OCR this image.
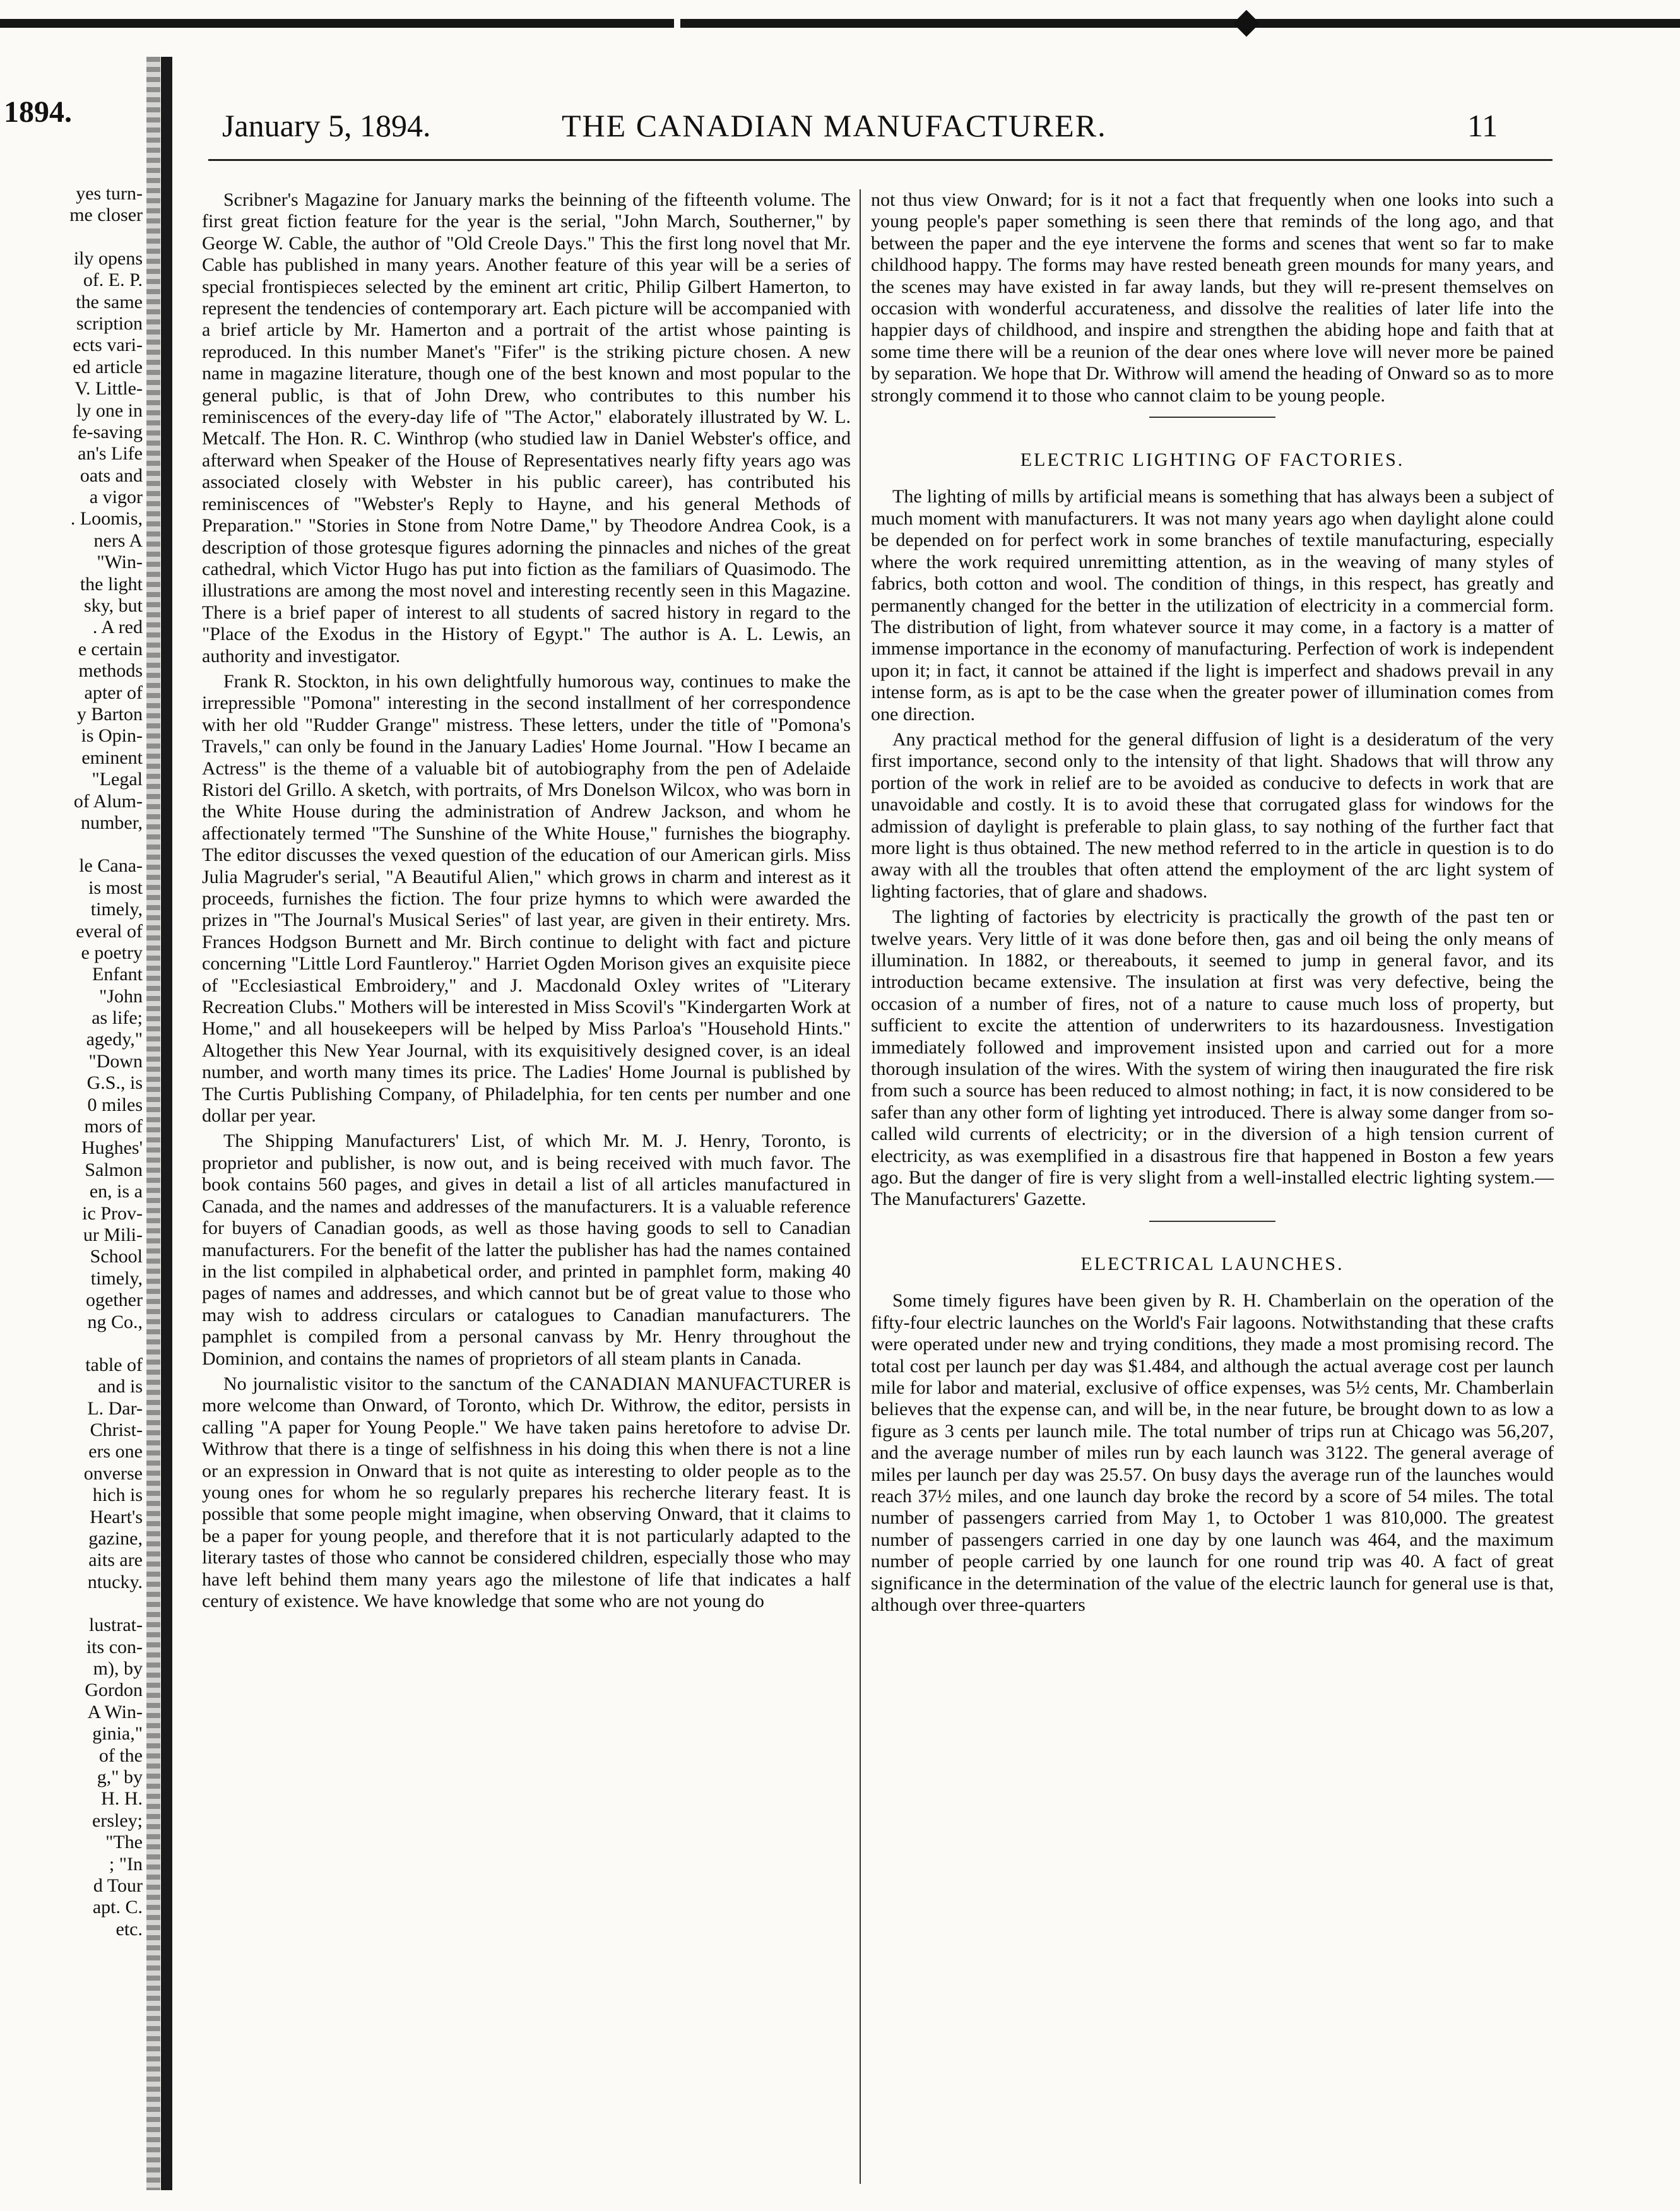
1894.
yes turn-
me closer
ily opens
of. E. P.
the same
scription
ects vari-
ed article
V. Little-
ly one in
fe-saving
an's Life
oats and
a vigor
. Loomis,
ners A
"Win-
the light
sky, but
. A red
e certain
methods
apter of
y Barton
is Opin-
eminent
"Legal
of Alum-
number,
le Cana-
is most
timely,
everal of
e poetry
Enfant
"John
as life;
agedy,"
"Down
G.S., is
0 miles
mors of
Hughes'
Salmon
en, is a
ic Prov-
ur Mili-
School
timely,
ogether
ng Co.,
table of
and is
L. Dar-
Christ-
ers one
onverse
hich is
Heart's
gazine,
aits are
ntucky.
lustrat-
its con-
m), by
Gordon
A Win-
ginia,"
of the
g," by
H. H.
ersley;
"The
; "In
d Tour
apt. C.
etc.
January 5, 1894.	THE CANADIAN MANUFACTURER.	11

Scribner's Magazine for January marks the beinning of the fifteenth volume. The first great fiction feature for the year is the serial, "John March, Southerner," by George W. Cable, the author of "Old Creole Days." This the first long novel that Mr. Cable has published in many years. Another feature of this year will be a series of special frontispieces selected by the eminent art critic, Philip Gilbert Hamerton, to represent the tendencies of contemporary art. Each picture will be accompanied with a brief article by Mr. Hamerton and a portrait of the artist whose painting is reproduced. In this number Manet's "Fifer" is the striking picture chosen. A new name in magazine literature, though one of the best known and most popular to the general public, is that of John Drew, who contributes to this number his reminiscences of the every-day life of "The Actor," elaborately illustrated by W. L. Metcalf. The Hon. R. C. Winthrop (who studied law in Daniel Webster's office, and afterward when Speaker of the House of Representatives nearly fifty years ago was associated closely with Webster in his public career), has contributed his reminiscences of "Webster's Reply to Hayne, and his general Methods of Preparation." "Stories in Stone from Notre Dame," by Theodore Andrea Cook, is a description of those grotesque figures adorning the pinnacles and niches of the great cathedral, which Victor Hugo has put into fiction as the familiars of Quasimodo. The illustrations are among the most novel and interesting recently seen in this Magazine. There is a brief paper of interest to all students of sacred history in regard to the "Place of the Exodus in the History of Egypt." The author is A. L. Lewis, an authority and investigator.

Frank R. Stockton, in his own delightfully humorous way, continues to make the irrepressible "Pomona" interesting in the second installment of her correspondence with her old "Rudder Grange" mistress. These letters, under the title of "Pomona's Travels," can only be found in the January Ladies' Home Journal. "How I became an Actress" is the theme of a valuable bit of autobiography from the pen of Adelaide Ristori del Grillo. A sketch, with portraits, of Mrs Donelson Wilcox, who was born in the White House during the administration of Andrew Jackson, and whom he affectionately termed "The Sunshine of the White House," furnishes the biography. The editor discusses the vexed question of the education of our American girls. Miss Julia Magruder's serial, "A Beautiful Alien," which grows in charm and interest as it proceeds, furnishes the fiction. The four prize hymns to which were awarded the prizes in "The Journal's Musical Series" of last year, are given in their entirety. Mrs. Frances Hodgson Burnett and Mr. Birch continue to delight with fact and picture concerning "Little Lord Fauntleroy." Harriet Ogden Morison gives an exquisite piece of "Ecclesiastical Embroidery," and J. Macdonald Oxley writes of "Literary Recreation Clubs." Mothers will be interested in Miss Scovil's "Kindergarten Work at Home," and all housekeepers will be helped by Miss Parloa's "Household Hints." Altogether this New Year Journal, with its exquisitively designed cover, is an ideal number, and worth many times its price. The Ladies' Home Journal is published by The Curtis Publishing Company, of Philadelphia, for ten cents per number and one dollar per year.

The Shipping Manufacturers' List, of which Mr. M. J. Henry, Toronto, is proprietor and publisher, is now out, and is being received with much favor. The book contains 560 pages, and gives in detail a list of all articles manufactured in Canada, and the names and addresses of the manufacturers. It is a valuable reference for buyers of Canadian goods, as well as those having goods to sell to Canadian manufacturers. For the benefit of the latter the publisher has had the names contained in the list compiled in alphabetical order, and printed in pamphlet form, making 40 pages of names and addresses, and which cannot but be of great value to those who may wish to address circulars or catalogues to Canadian manufacturers. The pamphlet is compiled from a personal canvass by Mr. Henry throughout the Dominion, and contains the names of proprietors of all steam plants in Canada.

No journalistic visitor to the sanctum of the CANADIAN MANUFACTURER is more welcome than Onward, of Toronto, which Dr. Withrow, the editor, persists in calling "A paper for Young People." We have taken pains heretofore to advise Dr. Withrow that there is a tinge of selfishness in his doing this when there is not a line or an expression in Onward that is not quite as interesting to older people as to the young ones for whom he so regularly prepares his recherche literary feast. It is possible that some people might imagine, when observing Onward, that it claims to be a paper for young people, and therefore that it is not particularly adapted to the literary tastes of those who cannot be considered children, especially those who may have left behind them many years ago the milestone of life that indicates a half century of existence. We have knowledge that some who are not young do

not thus view Onward; for is it not a fact that frequently when one looks into such a young people's paper something is seen there that reminds of the long ago, and that between the paper and the eye intervene the forms and scenes that went so far to make childhood happy. The forms may have rested beneath green mounds for many years, and the scenes may have existed in far away lands, but they will re-present themselves on occasion with wonderful accurateness, and dissolve the realities of later life into the happier days of childhood, and inspire and strengthen the abiding hope and faith that at some time there will be a reunion of the dear ones where love will never more be pained by separation. We hope that Dr. Withrow will amend the heading of Onward so as to more strongly commend it to those who cannot claim to be young people.

ELECTRIC LIGHTING OF FACTORIES.

The lighting of mills by artificial means is something that has always been a subject of much moment with manufacturers. It was not many years ago when daylight alone could be depended on for perfect work in some branches of textile manufacturing, especially where the work required unremitting attention, as in the weaving of many styles of fabrics, both cotton and wool. The condition of things, in this respect, has greatly and permanently changed for the better in the utilization of electricity in a commercial form. The distribution of light, from whatever source it may come, in a factory is a matter of immense importance in the economy of manufacturing. Perfection of work is independent upon it; in fact, it cannot be attained if the light is imperfect and shadows prevail in any intense form, as is apt to be the case when the greater power of illumination comes from one direction.

Any practical method for the general diffusion of light is a desideratum of the very first importance, second only to the intensity of that light. Shadows that will throw any portion of the work in relief are to be avoided as conducive to defects in work that are unavoidable and costly. It is to avoid these that corrugated glass for windows for the admission of daylight is preferable to plain glass, to say nothing of the further fact that more light is thus obtained. The new method referred to in the article in question is to do away with all the troubles that often attend the employment of the arc light system of lighting factories, that of glare and shadows.

The lighting of factories by electricity is practically the growth of the past ten or twelve years. Very little of it was done before then, gas and oil being the only means of illumination. In 1882, or thereabouts, it seemed to jump in general favor, and its introduction became extensive. The insulation at first was very defective, being the occasion of a number of fires, not of a nature to cause much loss of property, but sufficient to excite the attention of underwriters to its hazardousness. Investigation immediately followed and improvement insisted upon and carried out for a more thorough insulation of the wires. With the system of wiring then inaugurated the fire risk from such a source has been reduced to almost nothing; in fact, it is now considered to be safer than any other form of lighting yet introduced. There is alway some danger from so-called wild currents of electricity; or in the diversion of a high tension current of electricity, as was exemplified in a disastrous fire that happened in Boston a few years ago. But the danger of fire is very slight from a well-installed electric lighting system.—The Manufacturers' Gazette.

ELECTRICAL LAUNCHES.

Some timely figures have been given by R. H. Chamberlain on the operation of the fifty-four electric launches on the World's Fair lagoons. Notwithstanding that these crafts were operated under new and trying conditions, they made a most promising record. The total cost per launch per day was $1.484, and although the actual average cost per launch mile for labor and material, exclusive of office expenses, was 5½ cents, Mr. Chamberlain believes that the expense can, and will be, in the near future, be brought down to as low a figure as 3 cents per launch mile. The total number of trips run at Chicago was 56,207, and the average number of miles run by each launch was 3122. The general average of miles per launch per day was 25.57. On busy days the average run of the launches would reach 37½ miles, and one launch day broke the record by a score of 54 miles. The total number of passengers carried from May 1, to October 1 was 810,000. The greatest number of passengers carried in one day by one launch was 464, and the maximum number of people carried by one launch for one round trip was 40. A fact of great significance in the determination of the value of the electric launch for general use is that, although over three-quarters
